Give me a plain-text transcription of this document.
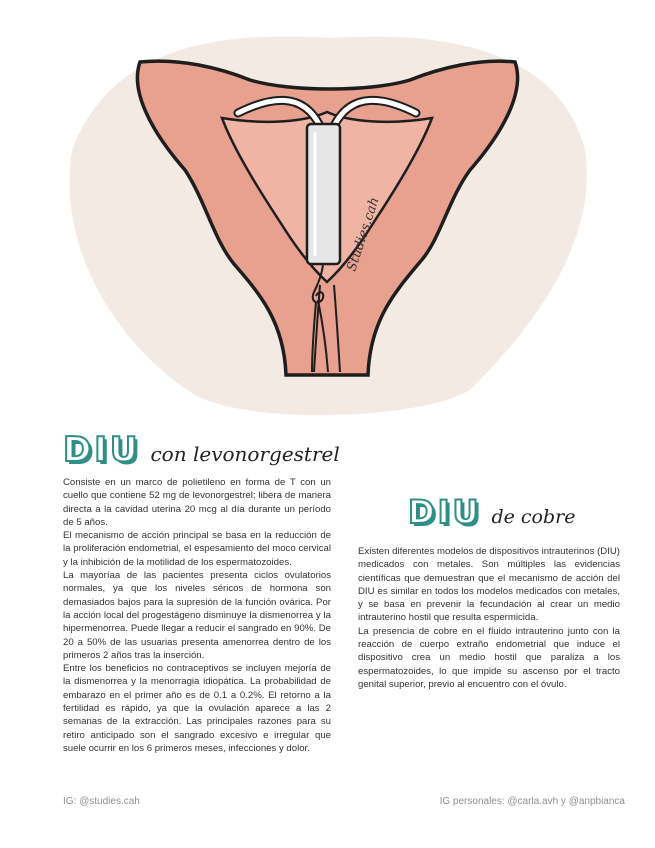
Studies.cah
DIU con levonorgestrel

Consiste en un marco de polietileno en forma de T con un cuello que contiene 52 mg de levonorgestrel; libera de manera directa a la cavidad uterina 20 mcg al día durante un período de 5 años.

El mecanismo de acción principal se basa en la reducción de la proliferación endometrial, el espesamiento del moco cervical y la inhibición de la motilidad de los espermatozoides.

La mayoríaa de las pacientes presenta ciclos ovulatorios normales, ya que los niveles séricos de hormona son demasiados bajos para la supresión de la función ovárica. Por la acción local del progestágeno disminuye la dismenorrea y la hipermenorrea. Puede llegar a reducir el sangrado en 90%. De 20 a 50% de las usuarias presenta amenorrea dentro de los primeros 2 años tras la inserción.

Entre los beneficios no contraceptivos se incluyen mejoría de la dismenorrea y la menorragia idiopática. La probabilidad de embarazo en el primer año es de 0.1 a 0.2%. El retorno a la fertilidad es rápido, ya que la ovulación aparece a las 2 semanas de la extracción. Las principales razones para su retiro anticipado son el sangrado excesivo e irregular que suele ocurrir en los 6 primeros meses, infecciones y dolor.

DIU de cobre

Existen diferentes modelos de dispositivos intrauterinos (DIU) medicados con metales. Son múltiples las evidencias científicas que demuestran que el mecanismo de acción del DIU es similar en todos los modelos medicados con metales, y se basa en prevenir la fecundación al crear un medio intrauterino hostil que resulta espermicida.

La presencia de cobre en el fluido intrauterino junto con la reacción de cuerpo extraño endometrial que induce el dispositivo crea un medio hostil que paraliza a los espermatozoides, lo que impide su ascenso por el tracto genital superior, previo al encuentro con el óvulo.

IG: @studies.cah	IG personales: @carla.avh y @anpbianca
